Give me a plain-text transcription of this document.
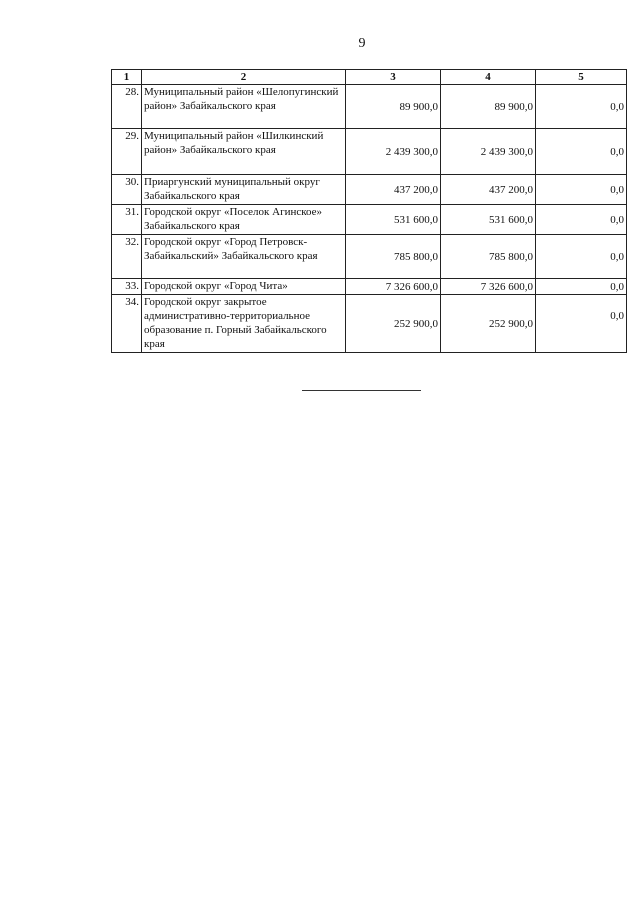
9
1	2	3	4	5
28.	Муниципальный район «Шелопугинский район» Забайкальского края	89 900,0	89 900,0	0,0
29.	Муниципальный район «Шилкинский район» Забайкальского края	2 439 300,0	2 439 300,0	0,0
30.	Приаргунский муниципальный округ Забайкальского края	437 200,0	437 200,0	0,0
31.	Городской округ «Поселок Агинское» Забайкальского края	531 600,0	531 600,0	0,0
32.	Городской округ «Город Петровск-Забайкальский» Забайкальского края	785 800,0	785 800,0	0,0
33.	Городской округ «Город Чита»	7 326 600,0	7 326 600,0	0,0
34.	Городской округ закрытое административно-территориальное образование п. Горный Забайкальского края	252 900,0	252 900,0	0,0
